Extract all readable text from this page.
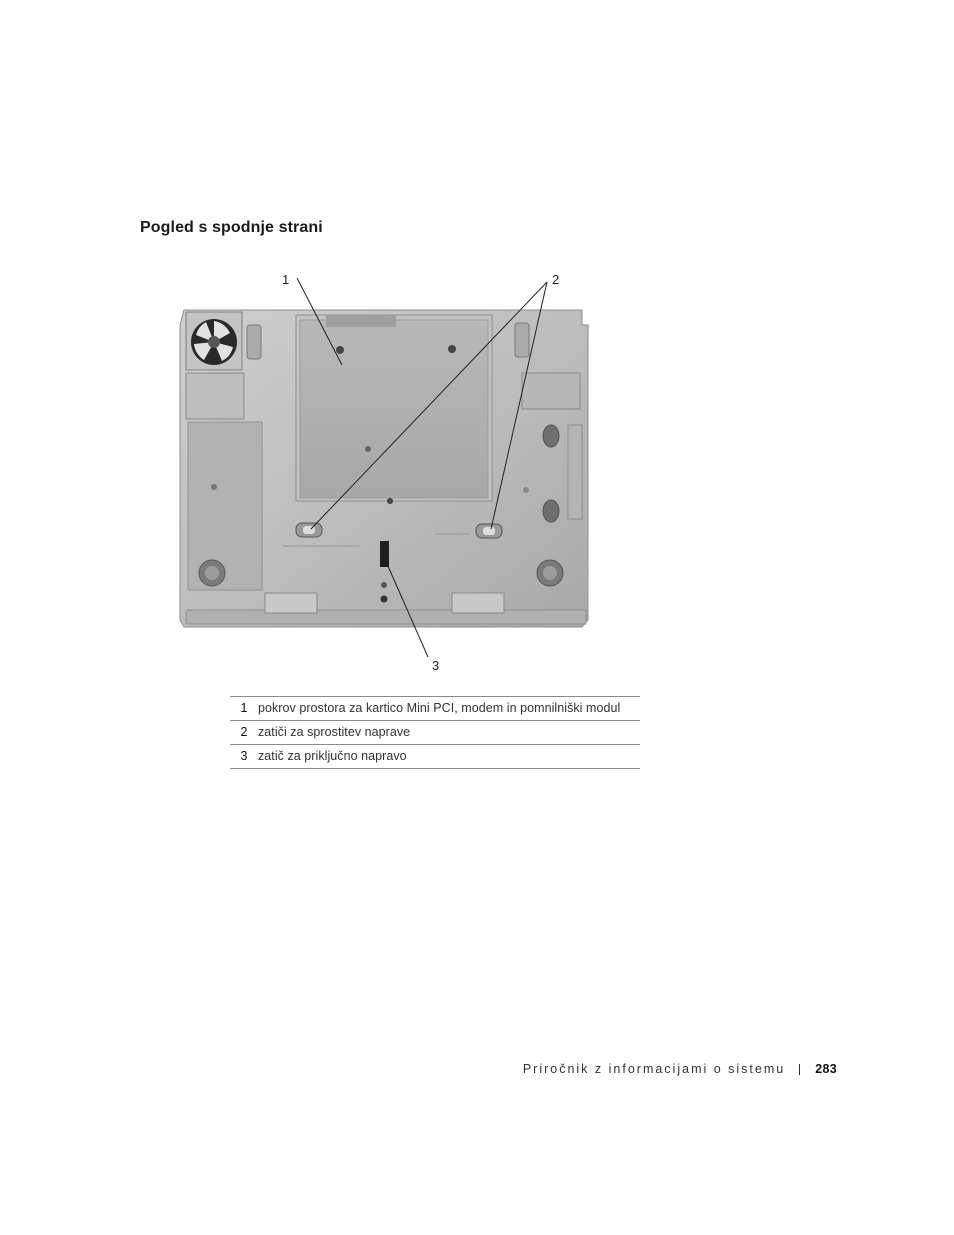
Pogled s spodnje strani
1	2
3
1	pokrov prostora za kartico Mini PCI, modem in pomnilniški modul
2	zatiči za sprostitev naprave
3	zatič za priključno napravo
Priročnik z informacijami o sistemu 283
